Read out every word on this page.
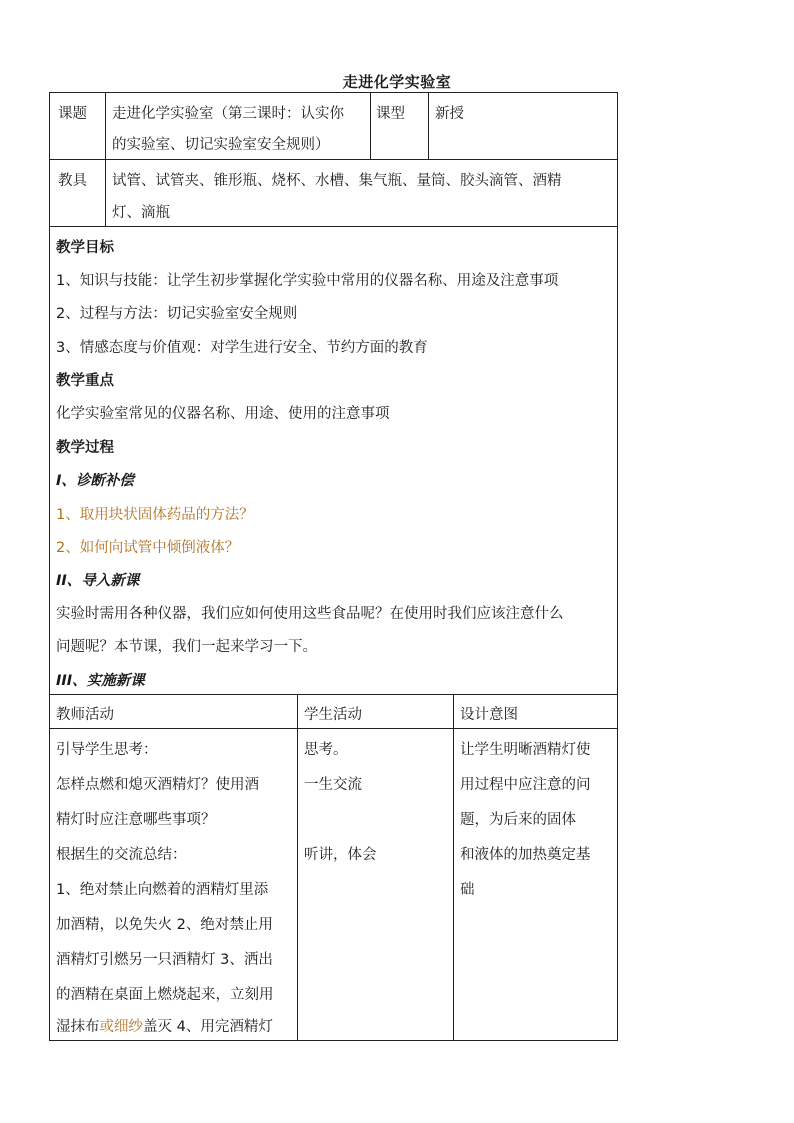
走进化学实验室
课题 走进化学实验室（第三课时：认实你
的实验室、切记实验室安全规则）
课型 新授
教具 试管、试管夹、锥形瓶、烧杯、水槽、集气瓶、量筒、胶头滴管、酒精
灯、滴瓶
教学目标
1、知识与技能：让学生初步掌握化学实验中常用的仪器名称、用途及注意事项
2、过程与方法：切记实验室安全规则
3、情感态度与价值观：对学生进行安全、节约方面的教育
教学重点
化学实验室常见的仪器名称、用途、使用的注意事项
教学过程
I、诊断补偿
1、取用块状固体药品的方法？
2、如何向试管中倾倒液体？
II、导入新课
实验时需用各种仪器，我们应如何使用这些食品呢？在使用时我们应该注意什么
问题呢？本节课，我们一起来学习一下。
III、实施新课
教师活动	学生活动	设计意图
引导学生思考：
怎样点燃和熄灭酒精灯？使用酒
精灯时应注意哪些事项？
根据生的交流总结：
1、绝对禁止向燃着的酒精灯里添
加酒精，以免失火 2、绝对禁止用
酒精灯引燃另一只酒精灯 3、洒出
的酒精在桌面上燃烧起来，立刻用
湿抹布或细纱盖灭 4、用完酒精灯
思考。
一生交流
听讲，体会
让学生明晰酒精灯使
用过程中应注意的问
题，为后来的固体
和液体的加热奠定基
础
